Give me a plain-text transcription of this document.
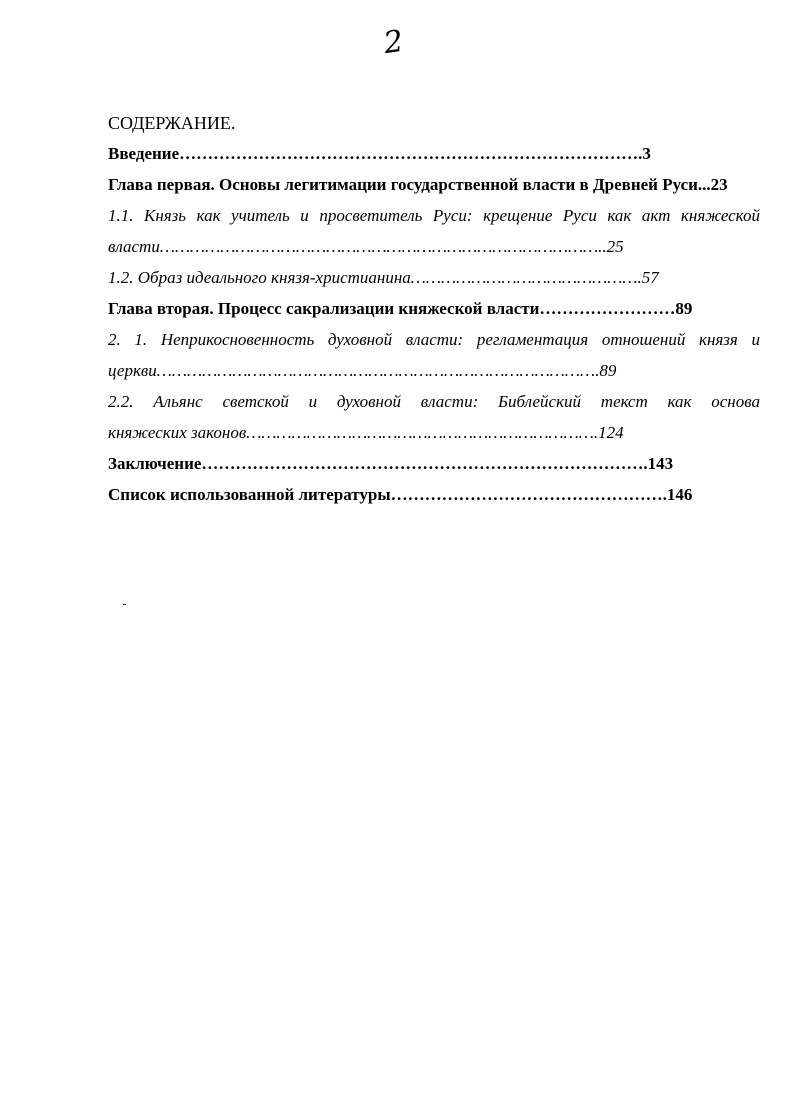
2
СОДЕРЖАНИЕ.
Введение……………………………………………………………………….3
Глава первая. Основы легитимации государственной власти в Древней Руси...23
1.1. Князь как учитель и просветитель Руси: крещение Руси как акт княжеской
власти……………………………………………………………………………..25
1.2. Образ идеального князя-христианина……………………………………….57
Глава вторая. Процесс сакрализации княжеской власти……………………89
2. 1. Неприкосновенность духовной власти: регламентация отношений князя и
церкви…………………………………………………………………………….89
2.2. Альянс светской и духовной власти: Библейский текст как основа
княжеских законов…………………………………………………………….124
Заключение…………………………………………………………………….143
Список использованной литературы………………………………………….146
